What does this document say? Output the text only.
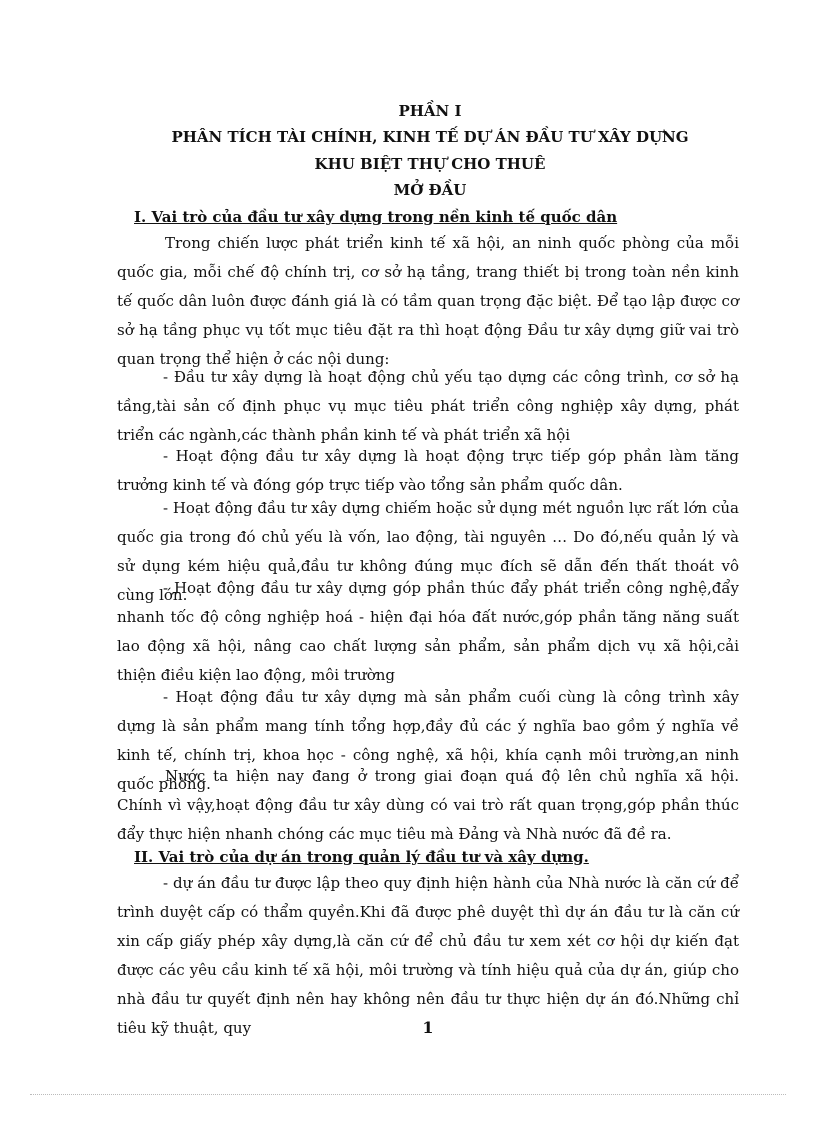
PHẦN I
PHÂN TÍCH TÀI CHÍNH, KINH TẾ DỰ ÁN ĐẦU TƯ XÂY DỰNG
KHU BIỆT THỰ CHO THUÊ
MỞ ĐẦU
I. Vai trò của đầu tư xây dựng trong nền kinh tế quốc dân
Trong chiến lược phát triển kinh tế xã hội, an ninh quốc phòng của mỗi quốc gia, mỗi chế độ chính trị, cơ sở hạ tầng, trang thiết bị trong toàn nền kinh tế quốc dân luôn được đánh giá là có tầm quan trọng đặc biệt. Để tạo lập được cơ sở hạ tầng phục vụ tốt mục tiêu đặt ra thì hoạt động Đầu tư xây dựng giữ vai trò quan trọng thể hiện ở các nội dung:
- Đầu tư xây dựng là hoạt động chủ yếu tạo dựng các công trình, cơ sở hạ tầng,tài sản cố định phục vụ mục tiêu phát triển công nghiệp xây dựng, phát triển các ngành,các thành phần kinh tế và phát triển xã hội
- Hoạt động đầu tư xây dựng là hoạt động trực tiếp góp phần làm tăng trưởng kinh tế và đóng góp trực tiếp vào tổng sản phẩm quốc dân.
- Hoạt động đầu tư xây dựng chiếm hoặc sử dụng mét nguồn lực rất lớn của quốc gia trong đó chủ yếu là vốn, lao động, tài nguyên … Do đó,nếu quản lý và sử dụng kém hiệu quả,đầu tư không đúng mục đích sẽ dẫn đến thất thoát vô cùng lớn.
- Hoạt động đầu tư xây dựng góp phần thúc đẩy phát triển công nghệ,đẩy nhanh tốc độ công nghiệp hoá - hiện đại hóa đất nước,góp phần tăng năng suất lao động xã hội, nâng cao chất lượng sản phẩm, sản phẩm dịch vụ xã hội,cải thiện điều kiện lao động, môi trường
- Hoạt động đầu tư xây dựng mà sản phẩm cuối cùng là công trình xây dựng là sản phẩm mang tính tổng hợp,đầy đủ các ý nghĩa bao gồm ý nghĩa về kinh tế, chính trị, khoa học - công nghệ, xã hội, khía cạnh môi trường,an ninh quốc phòng.
Nước ta hiện nay đang ở trong giai đoạn quá độ lên chủ nghĩa xã hội. Chính vì vậy,hoạt động đầu tư xây dùng có vai trò rất quan trọng,góp phần thúc đẩy thực hiện nhanh chóng các mục tiêu mà Đảng và Nhà nước đã đề ra.
II. Vai trò của dự án trong quản lý đầu tư và xây dựng.
- dự án đầu tư được lập theo quy định hiện hành của Nhà nước là căn cứ để trình duyệt cấp có thẩm quyền.Khi đã được phê duyệt thì dự án đầu tư là căn cứ xin cấp giấy phép xây dựng,là căn cứ để chủ đầu tư xem xét cơ hội dự kiến đạt được các yêu cầu kinh tế xã hội, môi trường và tính hiệu quả của dự án, giúp cho nhà đầu tư quyết định nên hay không nên đầu tư thực hiện dự án đó.Những chỉ tiêu kỹ thuật, quy	1
